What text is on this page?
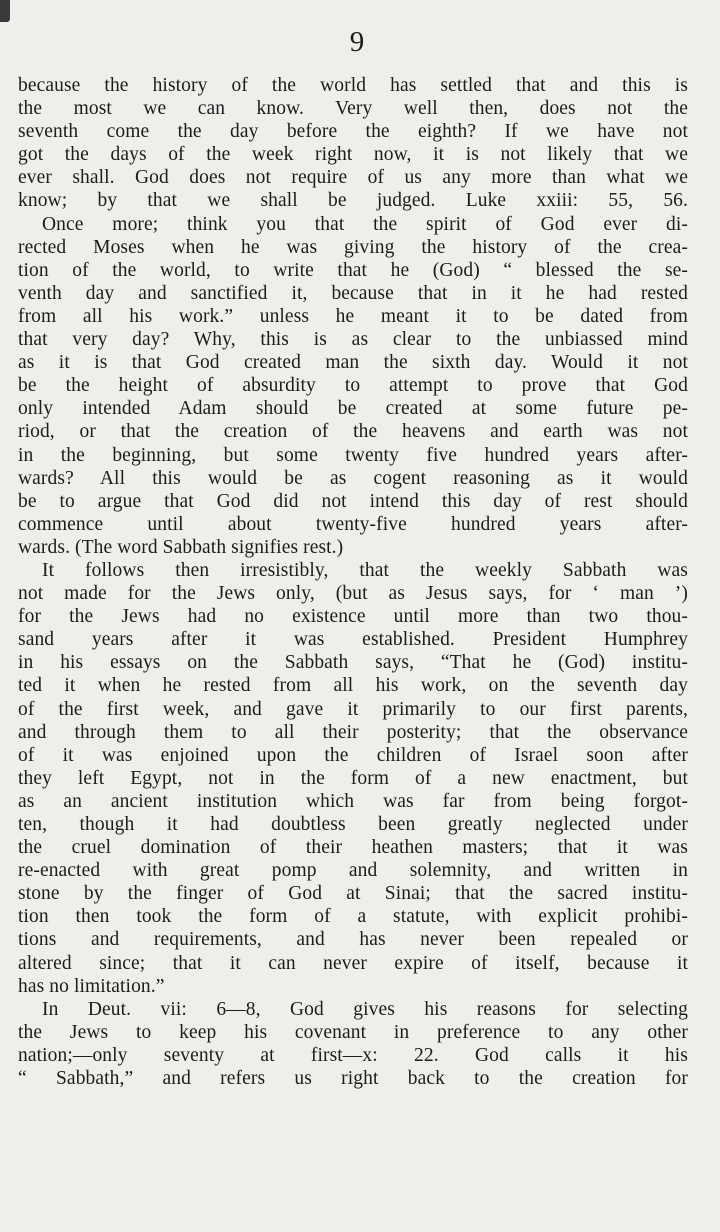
9
because the history of the world has settled that and this is
the most we can know. Very well then, does not the
seventh come the day before the eighth? If we have not
got the days of the week right now, it is not likely that we
ever shall. God does not require of us any more than what we
know; by that we shall be judged. Luke xxiii: 55, 56.
Once more; think you that the spirit of God ever di-
rected Moses when he was giving the history of the crea-
tion of the world, to write that he (God) “ blessed the se-
venth day and sanctified it, because that in it he had rested
from all his work.” unless he meant it to be dated from
that very day? Why, this is as clear to the unbiassed mind
as it is that God created man the sixth day. Would it not
be the height of absurdity to attempt to prove that God
only intended Adam should be created at some future pe-
riod, or that the creation of the heavens and earth was not
in the beginning, but some twenty five hundred years after-
wards? All this would be as cogent reasoning as it would
be to argue that God did not intend this day of rest should
commence until about twenty-five hundred years after-
wards. (The word Sabbath signifies rest.)
It follows then irresistibly, that the weekly Sabbath was
not made for the Jews only, (but as Jesus says, for ‘ man ’)
for the Jews had no existence until more than two thou-
sand years after it was established. President Humphrey
in his essays on the Sabbath says, “That he (God) institu-
ted it when he rested from all his work, on the seventh day
of the first week, and gave it primarily to our first parents,
and through them to all their posterity; that the observance
of it was enjoined upon the children of Israel soon after
they left Egypt, not in the form of a new enactment, but
as an ancient institution which was far from being forgot-
ten, though it had doubtless been greatly neglected under
the cruel domination of their heathen masters; that it was
re-enacted with great pomp and solemnity, and written in
stone by the finger of God at Sinai; that the sacred institu-
tion then took the form of a statute, with explicit prohibi-
tions and requirements, and has never been repealed or
altered since; that it can never expire of itself, because it
has no limitation.”
In Deut. vii: 6—8, God gives his reasons for selecting
the Jews to keep his covenant in preference to any other
nation;—only seventy at first—x: 22. God calls it his
“ Sabbath,” and refers us right back to the creation for
